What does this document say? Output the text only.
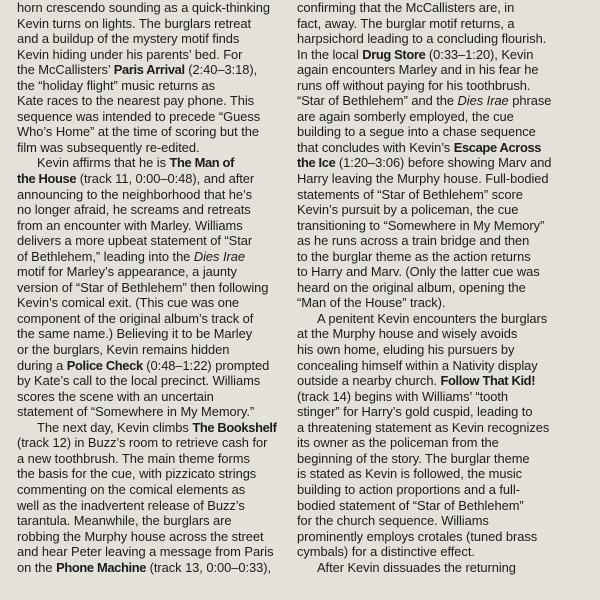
horn crescendo sounding as a quick-thinking
Kevin turns on lights. The burglars retreat
and a buildup of the mystery motif finds
Kevin hiding under his parents’ bed. For
the McCallisters’ Paris Arrival (2:40–3:18),
the “holiday flight” music returns as
Kate races to the nearest pay phone. This
sequence was intended to precede “Guess
Who’s Home” at the time of scoring but the
film was subsequently re-edited.
Kevin affirms that he is The Man of
the House (track 11, 0:00–0:48), and after
announcing to the neighborhood that he’s
no longer afraid, he screams and retreats
from an encounter with Marley. Williams
delivers a more upbeat statement of “Star
of Bethlehem,” leading into the Dies Irae
motif for Marley’s appearance, a jaunty
version of “Star of Bethlehem” then following
Kevin’s comical exit. (This cue was one
component of the original album’s track of
the same name.) Believing it to be Marley
or the burglars, Kevin remains hidden
during a Police Check (0:48–1:22) prompted
by Kate’s call to the local precinct. Williams
scores the scene with an uncertain
statement of “Somewhere in My Memory.”
The next day, Kevin climbs The Bookshelf
(track 12) in Buzz’s room to retrieve cash for
a new toothbrush. The main theme forms
the basis for the cue, with pizzicato strings
commenting on the comical elements as
well as the inadvertent release of Buzz’s
tarantula. Meanwhile, the burglars are
robbing the Murphy house across the street
and hear Peter leaving a message from Paris
on the Phone Machine (track 13, 0:00–0:33),
confirming that the McCallisters are, in
fact, away. The burglar motif returns, a
harpsichord leading to a concluding flourish.
In the local Drug Store (0:33–1:20), Kevin
again encounters Marley and in his fear he
runs off without paying for his toothbrush.
“Star of Bethlehem” and the Dies Irae phrase
are again somberly employed, the cue
building to a segue into a chase sequence
that concludes with Kevin’s Escape Across
the Ice (1:20–3:06) before showing Marv and
Harry leaving the Murphy house. Full-bodied
statements of “Star of Bethlehem” score
Kevin’s pursuit by a policeman, the cue
transitioning to “Somewhere in My Memory”
as he runs across a train bridge and then
to the burglar theme as the action returns
to Harry and Marv. (Only the latter cue was
heard on the original album, opening the
“Man of the House” track).
A penitent Kevin encounters the burglars
at the Murphy house and wisely avoids
his own home, eluding his pursuers by
concealing himself within a Nativity display
outside a nearby church. Follow That Kid!
(track 14) begins with Williams’ “tooth
stinger” for Harry’s gold cuspid, leading to
a threatening statement as Kevin recognizes
its owner as the policeman from the
beginning of the story. The burglar theme
is stated as Kevin is followed, the music
building to action proportions and a full-
bodied statement of “Star of Bethlehem”
for the church sequence. Williams
prominently employs crotales (tuned brass
cymbals) for a distinctive effect.
After Kevin dissuades the returning
